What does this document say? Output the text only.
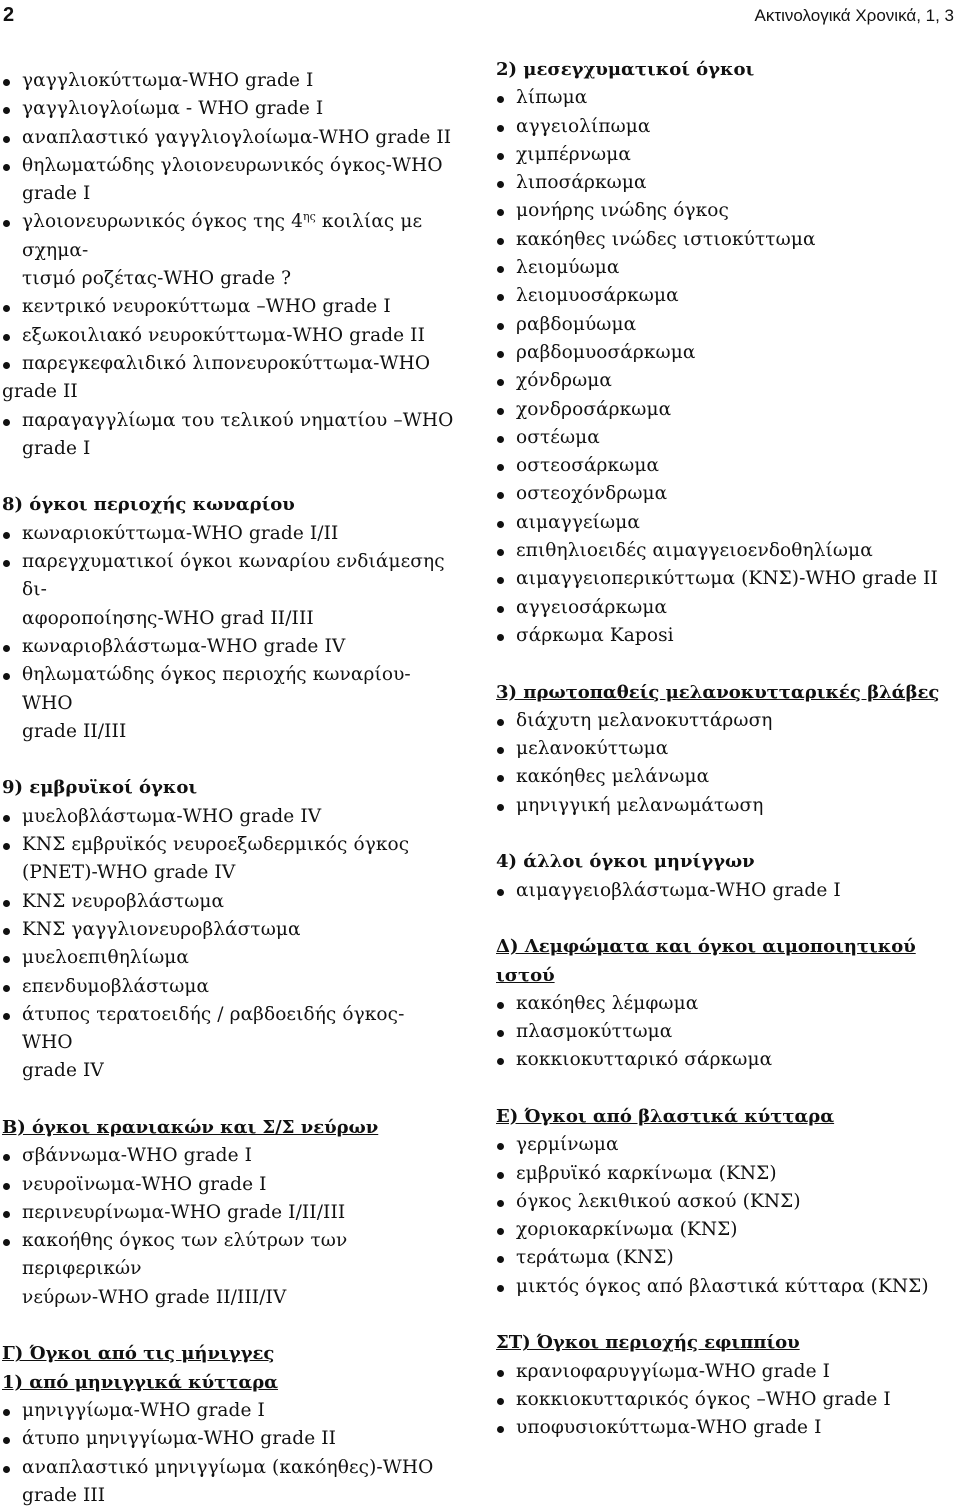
2	Ακτινολογικά Χρονικά, 1, 3
γαγγλιοκύττωμα-WHO grade I
γαγγλιογλοίωμα - WHO grade I
αναπλαστικό γαγγλιογλοίωμα-WHO grade II
θηλωματώδης γλοιονευρωνικός όγκος-WHO
grade I
γλοιονευρωνικός όγκος της $4^{\eta\varsigma}$ κοιλίας με σχημα-
τισμό ροζέτας-WHO grade ?
κεντρικό νευροκύττωμα –WHO grade I
εξωκοιλιακό νευροκύττωμα-WHO grade II
παρεγκεφαλιδικό λιπονευροκύττωμα-WHO
grade II
παραγαγγλίωμα του τελικού νηματίου –WHO
grade I
8) όγκοι περιοχής κωναρίου
κωναριοκύττωμα-WHO grade I/II
παρεγχυματικοί όγκοι κωναρίου ενδιάμεσης δι-
αφοροποίησης-WHO grad II/III
κωναριοβλάστωμα-WHO grade IV
θηλωματώδης όγκος περιοχής κωναρίου-WHO
grade II/III
9) εμβρυϊκοί όγκοι
μυελοβλάστωμα-WHO grade IV
ΚΝΣ εμβρυϊκός νευροεξωδερμικός όγκος
(PNET)-WHO grade IV
ΚΝΣ νευροβλάστωμα
ΚΝΣ γαγγλιονευροβλάστωμα
μυελοεπιθηλίωμα
επενδυμοβλάστωμα
άτυπος τερατοειδής / ραβδοειδής όγκος-WHO
grade IV
Β) όγκοι κρανιακών και Σ/Σ νεύρων
σβάννωμα-WHO grade I
νευροϊνωμα-WHO grade I
περινευρίνωμα-WHO grade I/II/III
κακοήθης όγκος των ελύτρων των περιφερικών
νεύρων-WHO grade II/III/IV
Γ) Όγκοι από τις μήνιγγες
1) από μηνιγγικά κύτταρα
μηνιγγίωμα-WHO grade I
άτυπο μηνιγγίωμα-WHO grade II
αναπλαστικό μηνιγγίωμα (κακόηθες)-WHO
grade III
2) μεσεγχυματικοί όγκοι
λίπωμα
αγγειολίπωμα
χιμπέρνωμα
λιποσάρκωμα
μονήρης ινώδης όγκος
κακόηθες ινώδες ιστιοκύττωμα
λειομύωμα
λειομυοσάρκωμα
ραβδομύωμα
ραβδομυοσάρκωμα
χόνδρωμα
χονδροσάρκωμα
οστέωμα
οστεοσάρκωμα
οστεοχόνδρωμα
αιμαγγείωμα
επιθηλιοειδές αιμαγγειοενδοθηλίωμα
αιμαγγειοπερικύττωμα (ΚΝΣ)-WHO grade II
αγγειοσάρκωμα
σάρκωμα Kaposi
3) πρωτοπαθείς μελανοκυτταρικές βλάβες
διάχυτη μελανοκυττάρωση
μελανοκύττωμα
κακόηθες μελάνωμα
μηνιγγική μελανωμάτωση
4) άλλοι όγκοι μηνίγγων
αιμαγγειοβλάστωμα-WHO grade I
Δ) Λεμφώματα και όγκοι αιμοποιητικού ιστού
κακόηθες λέμφωμα
πλασμοκύττωμα
κοκκιοκυτταρικό σάρκωμα
Ε) Όγκοι από βλαστικά κύτταρα
γερμίνωμα
εμβρυϊκό καρκίνωμα (ΚΝΣ)
όγκος λεκιθικού ασκού (ΚΝΣ)
χοριοκαρκίνωμα (ΚΝΣ)
τεράτωμα (ΚΝΣ)
μικτός όγκος από βλαστικά κύτταρα (ΚΝΣ)
ΣΤ) Όγκοι περιοχής εφιππίου
κρανιοφαρυγγίωμα-WHO grade I
κοκκιοκυτταρικός όγκος –WHO grade I
υποφυσιοκύττωμα-WHO grade I
